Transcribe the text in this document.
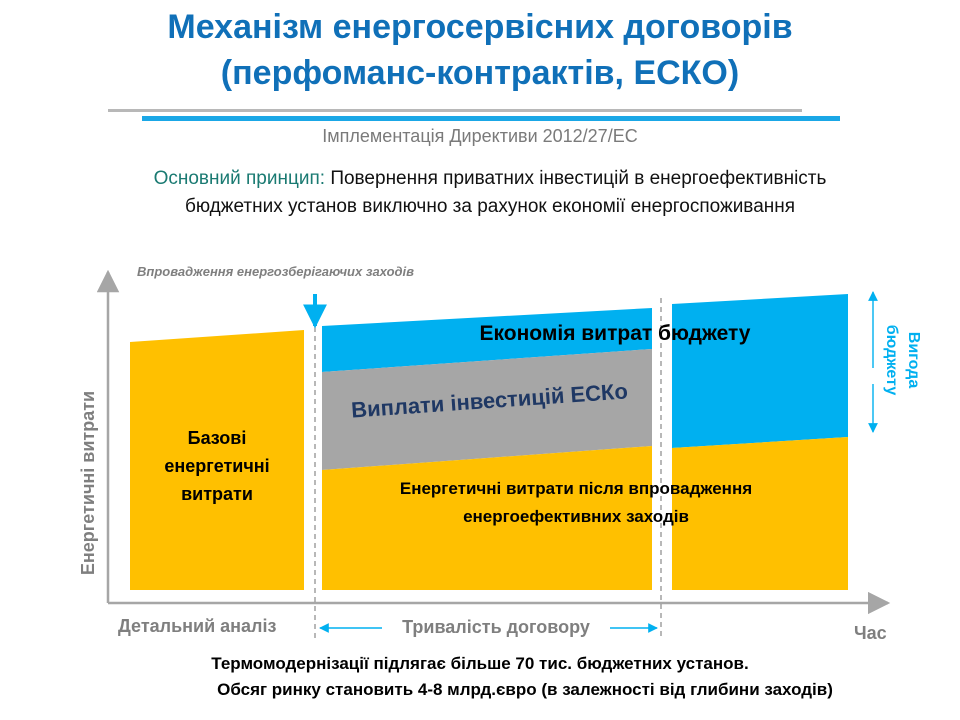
Механізм енергосервісних договорів
(перфоманс-контрактів, ЕСКО)
Імплементація Директиви 2012/27/ЕС
Основний принцип: Повернення приватних інвестицій в енергоефективність
бюджетних установ виключно за рахунок економії енергоспоживання
Впровадження енергозберігаючих заходів
Енергетичні витрати
Час
Детальний аналіз	Тривалість договору
Базові
енергетичні
витрати
Економія витрат бюджету
Виплати інвестицій ЕСКо
Енергетичні витрати після впровадження
енергоефективних заходів
Вигода
бюджету
Термомодернізації підлягає більше 70 тис. бюджетних установ.
Обсяг ринку становить 4-8 млрд.євро (в залежності від глибини заходів)
